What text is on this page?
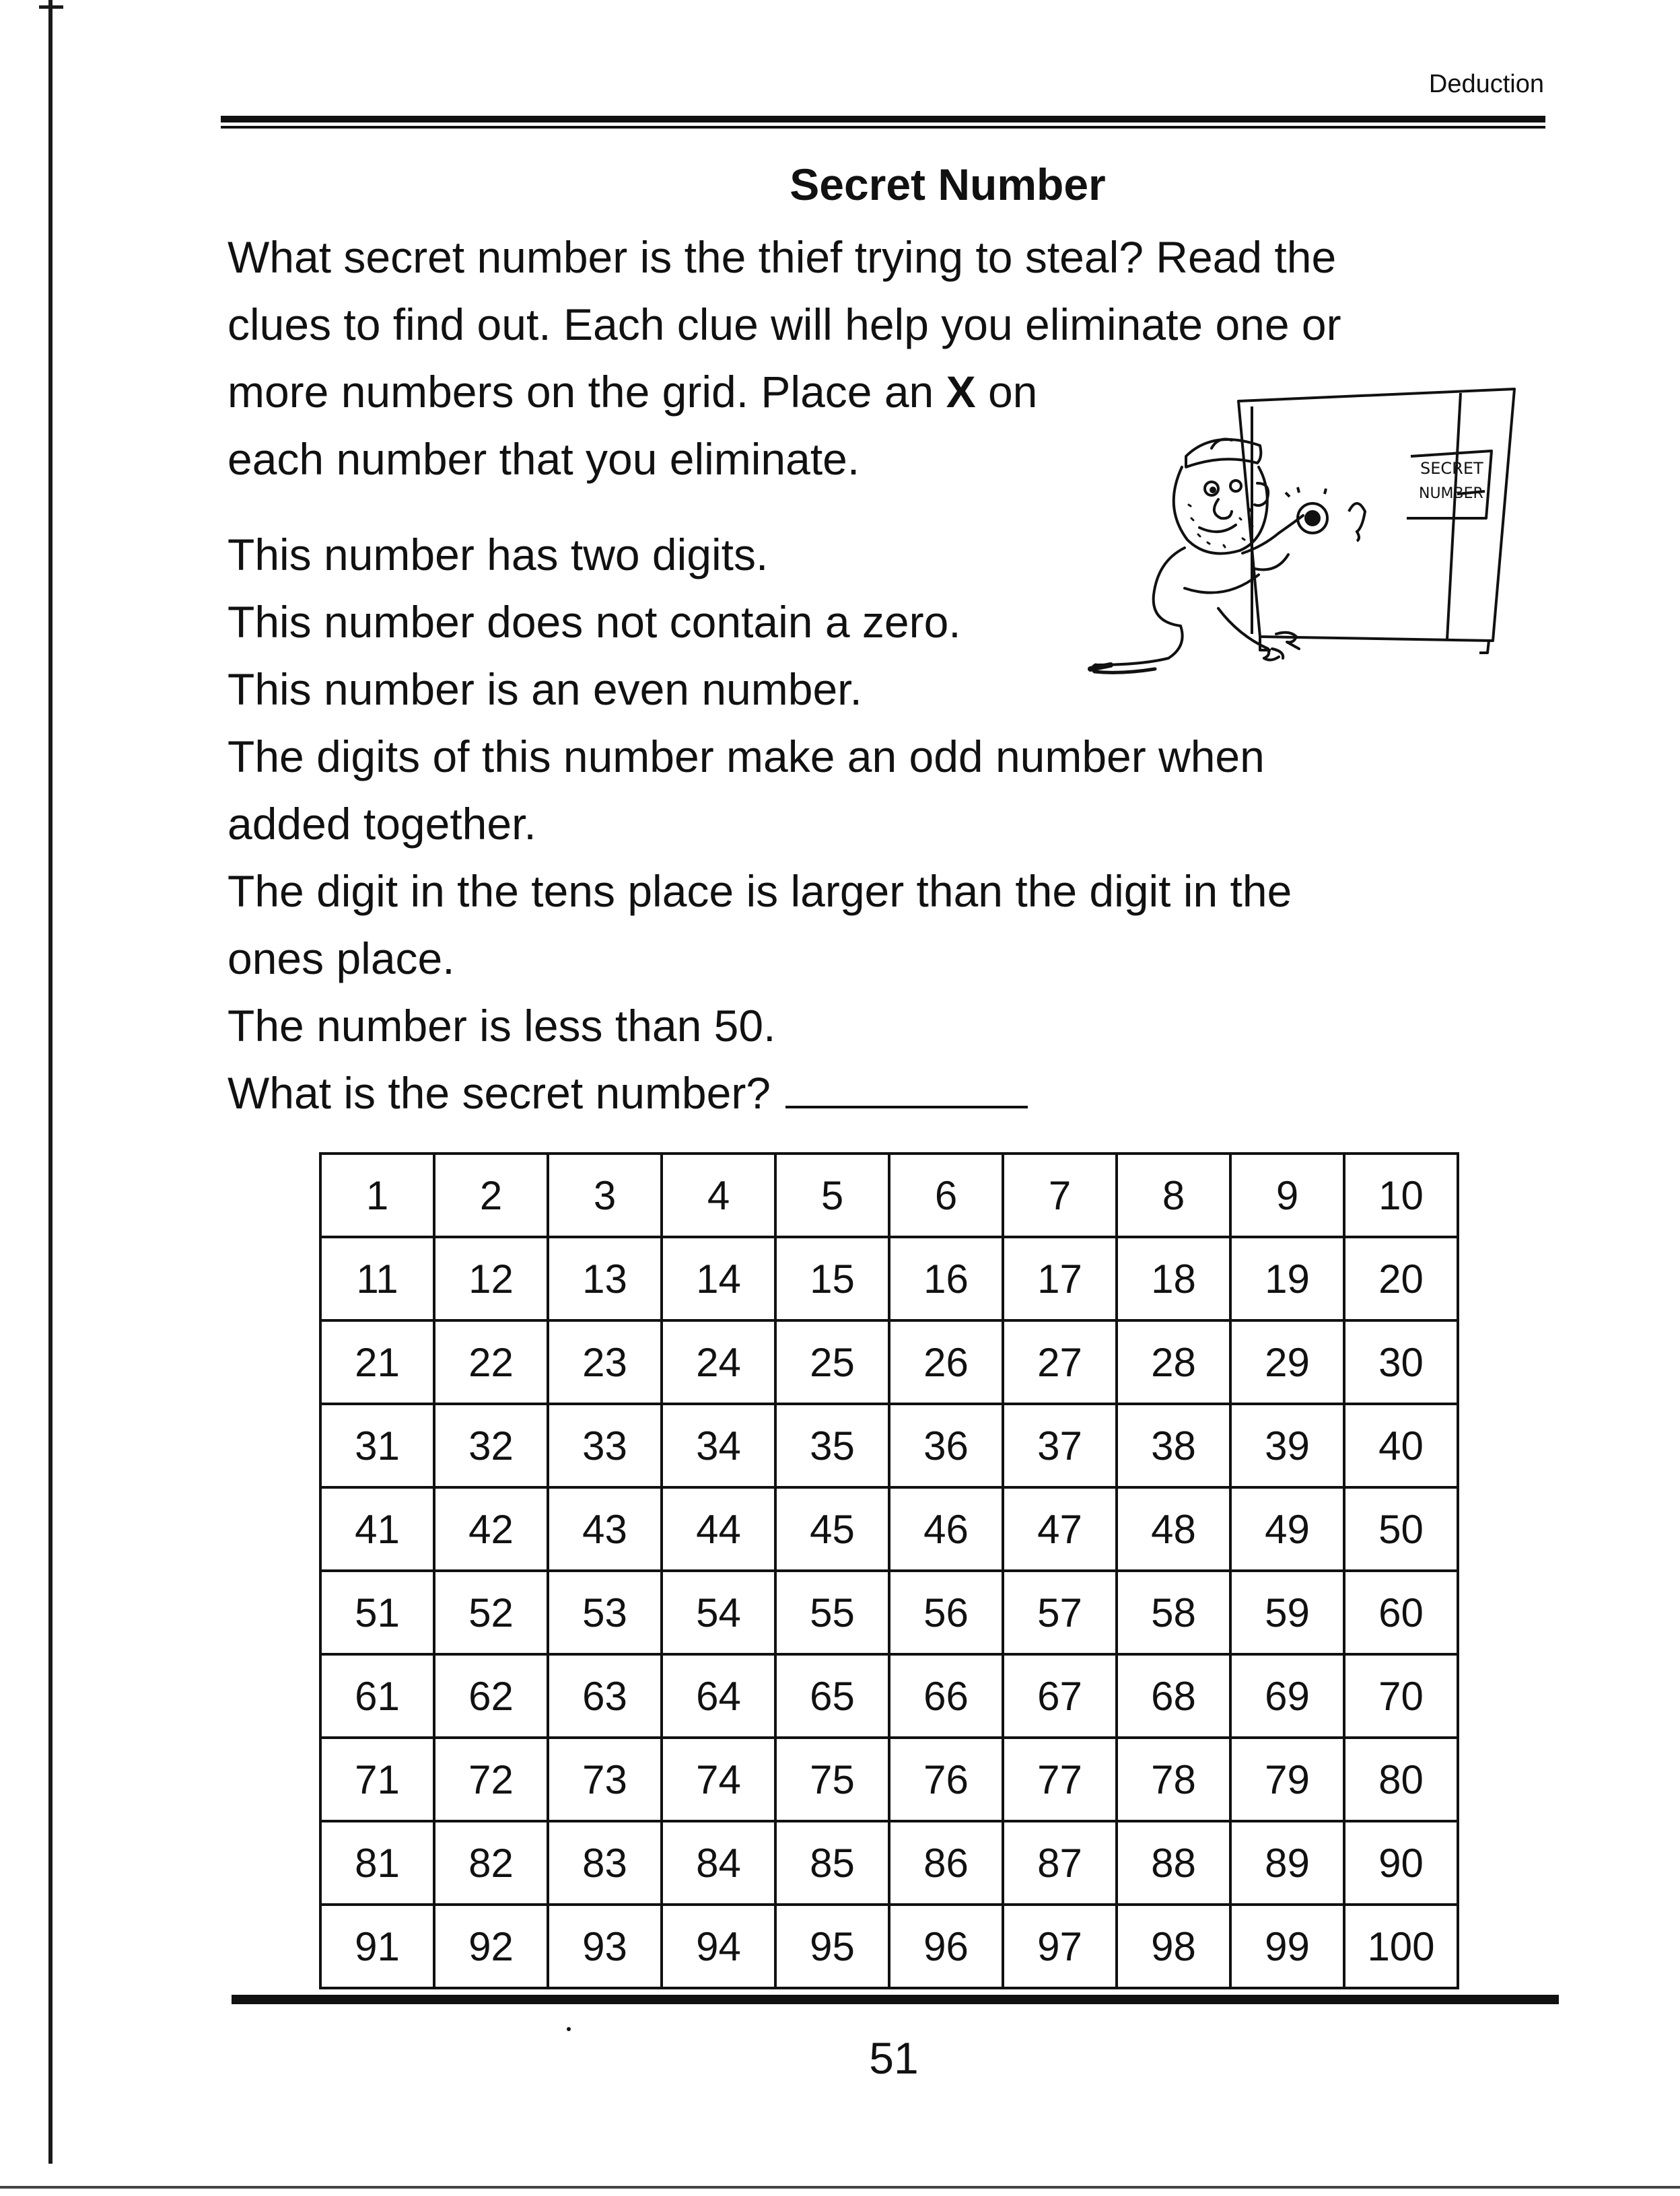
Deduction
Secret Number
What secret number is the thief trying to steal? Read the
clues to find out. Each clue will help you eliminate one or
more numbers on the grid. Place an X on
each number that you eliminate.	SECRET
NUMBER
This number has two digits.
This number does not contain a zero.
This number is an even number.
The digits of this number make an odd number when
added together.
The digit in the tens place is larger than the digit in the
ones place.
The number is less than 50.
What is the secret number?
1	2	3	4	5	6	7	8	9	10
11	12	13	14	15	16	17	18	19	20
21	22	23	24	25	26	27	28	29	30
31	32	33	34	35	36	37	38	39	40
41	42	43	44	45	46	47	48	49	50
51	52	53	54	55	56	57	58	59	60
61	62	63	64	65	66	67	68	69	70
71	72	73	74	75	76	77	78	79	80
81	82	83	84	85	86	87	88	89	90
91	92	93	94	95	96	97	98	99	100
51
